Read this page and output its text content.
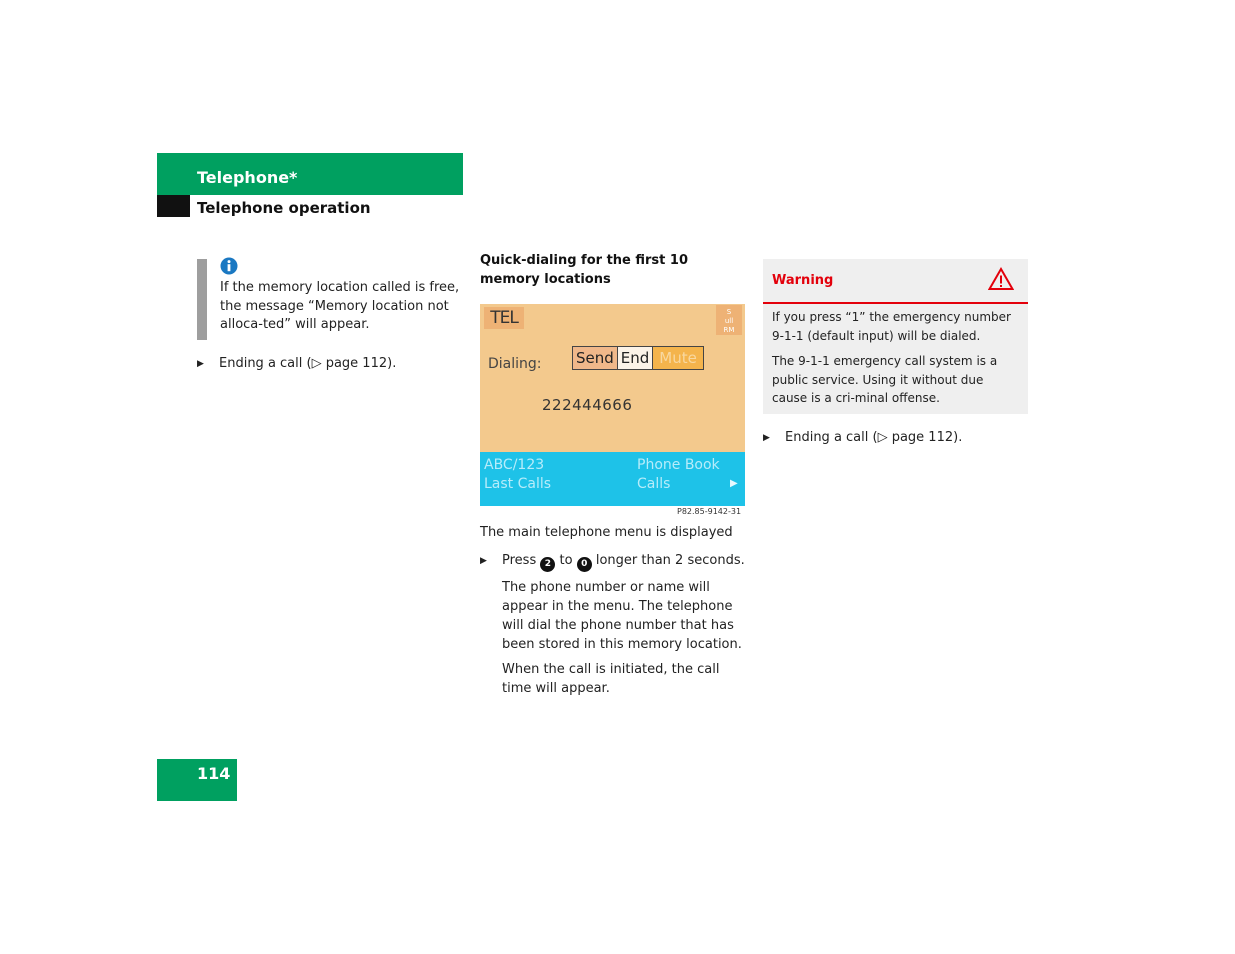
Telephone*
Telephone operation
If the memory location called is free, the message “Memory location not alloca-ted” will appear.
▶ Ending a call (▷ page 112).
Quick-dialing for the first 10 memory locations
TEL	S
ull
RM
Dialing: Send End Mute
222444666
ABC/123
Last Calls
Phone Book
Calls	▶
P82.85-9142-31
The main telephone menu is displayed
▶ Press 2 to 0 longer than 2 seconds.
The phone number or name will appear in the menu. The telephone will dial the phone number that has been stored in this memory location.
When the call is initiated, the call time will appear.
Warning
If you press “1” the emergency number 9-1-1 (default input) will be dialed.
The 9-1-1 emergency call system is a public service. Using it without due cause is a cri-minal offense.
▶ Ending a call (▷ page 112).
114
